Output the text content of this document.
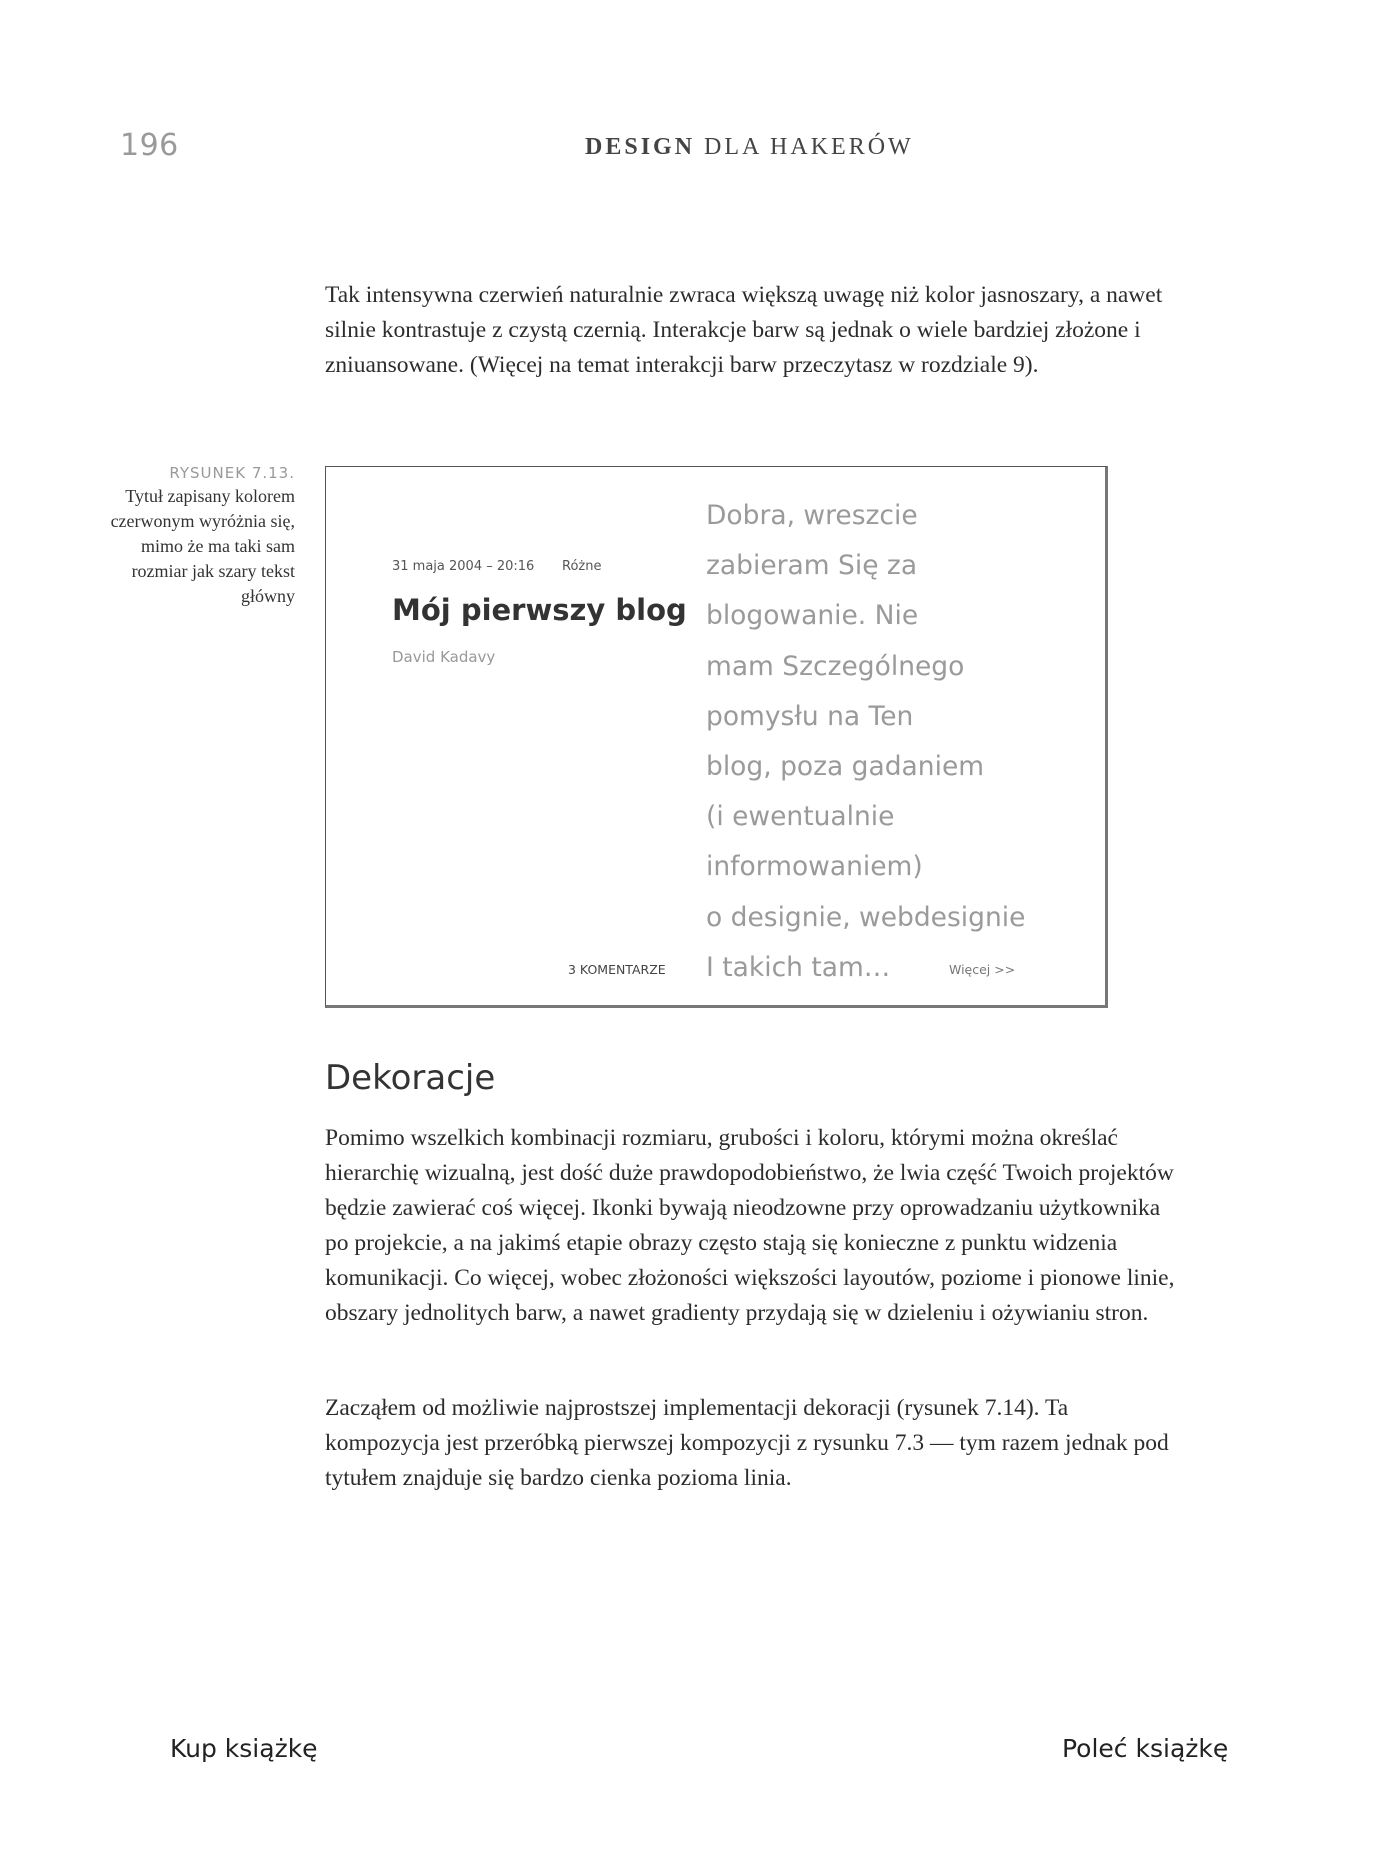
196	DESIGN DLA HAKERÓW

Tak intensywna czerwień naturalnie zwraca większą uwagę niż kolor jasnoszary, a nawet silnie kontrastuje z czystą czernią. Interakcje barw są jednak o wiele bardziej złożone i zniuansowane. (Więcej na temat interakcji barw przeczytasz w rozdziale 9).

RYSUNEK 7.13.
Tytuł zapisany kolorem czerwonym wyróżnia się, mimo że ma taki sam rozmiar jak szary tekst główny
31 maja 2004 – 20:16 Różne
Mój pierwszy blog
David Kadavy
3 KOMENTARZE
Dobra, wreszcie
zabieram Się za
blogowanie. Nie
mam Szczególnego
pomysłu na Ten
blog, poza gadaniem
(i ewentualnie
informowaniem)
o designie, webdesignie
I takich tam…	Więcej >>
Dekoracje

Pomimo wszelkich kombinacji rozmiaru, grubości i koloru, którymi można określać hierarchię wizualną, jest dość duże prawdopodobieństwo, że lwia część Twoich projektów będzie zawierać coś więcej. Ikonki bywają nieodzowne przy oprowadzaniu użytkownika po projekcie, a na jakimś etapie obrazy często stają się konieczne z punktu widzenia komunikacji. Co więcej, wobec złożoności większości layoutów, poziome i pionowe linie, obszary jednolitych barw, a nawet gradienty przydają się w dzieleniu i ożywianiu stron.

Zacząłem od możliwie najprostszej implementacji dekoracji (rysunek 7.14). Ta kompozycja jest przeróbką pierwszej kompozycji z rysunku 7.3 — tym razem jednak pod tytułem znajduje się bardzo cienka pozioma linia.

Kup książkę	Poleć książkę
